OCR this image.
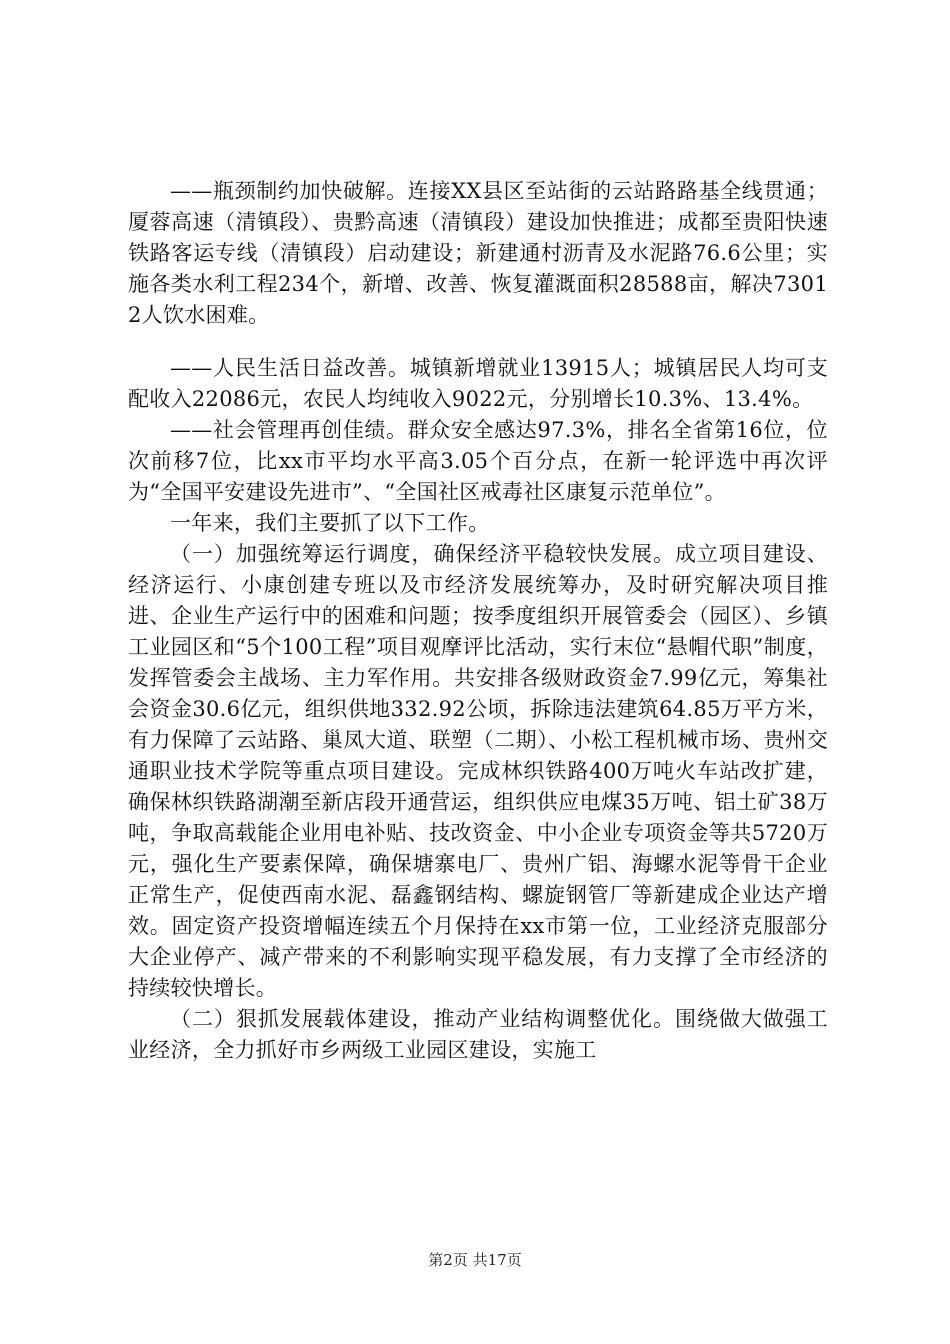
——瓶颈制约加快破解。连接XX县区至站街的云站路路基全线贯通；厦蓉高速（清镇段）、贵黔高速（清镇段）建设加快推进；成都至贵阳快速铁路客运专线（清镇段）启动建设；新建通村沥青及水泥路76.6公里；实施各类水利工程234个，新增、改善、恢复灌溉面积28588亩，解决73012人饮水困难。

——人民生活日益改善。城镇新增就业13915人；城镇居民人均可支配收入22086元，农民人均纯收入9022元，分别增长10.3%、13.4%。

——社会管理再创佳绩。群众安全感达97.3%，排名全省第16位，位次前移7位，比xx市平均水平高3.05个百分点，在新一轮评选中再次评为“全国平安建设先进市”、“全国社区戒毒社区康复示范单位”。

一年来，我们主要抓了以下工作。

（一）加强统筹运行调度，确保经济平稳较快发展。成立项目建设、经济运行、小康创建专班以及市经济发展统筹办，及时研究解决项目推进、企业生产运行中的困难和问题；按季度组织开展管委会（园区）、乡镇工业园区和“5个100工程”项目观摩评比活动，实行末位“悬帽代职”制度，发挥管委会主战场、主力军作用。共安排各级财政资金7.99亿元，筹集社会资金30.6亿元，组织供地332.92公顷，拆除违法建筑64.85万平方米，有力保障了云站路、巢凤大道、联塑（二期）、小松工程机械市场、贵州交通职业技术学院等重点项目建设。完成林织铁路400万吨火车站改扩建，确保林织铁路湖潮至新店段开通营运，组织供应电煤35万吨、铝土矿38万吨，争取高载能企业用电补贴、技改资金、中小企业专项资金等共5720万元，强化生产要素保障，确保塘寨电厂、贵州广铝、海螺水泥等骨干企业正常生产，促使西南水泥、磊鑫钢结构、螺旋钢管厂等新建成企业达产增效。固定资产投资增幅连续五个月保持在xx市第一位，工业经济克服部分大企业停产、减产带来的不利影响实现平稳发展，有力支撑了全市经济的持续较快增长。

（二）狠抓发展载体建设，推动产业结构调整优化。围绕做大做强工业经济，全力抓好市乡两级工业园区建设，实施工

第2页 共17页
